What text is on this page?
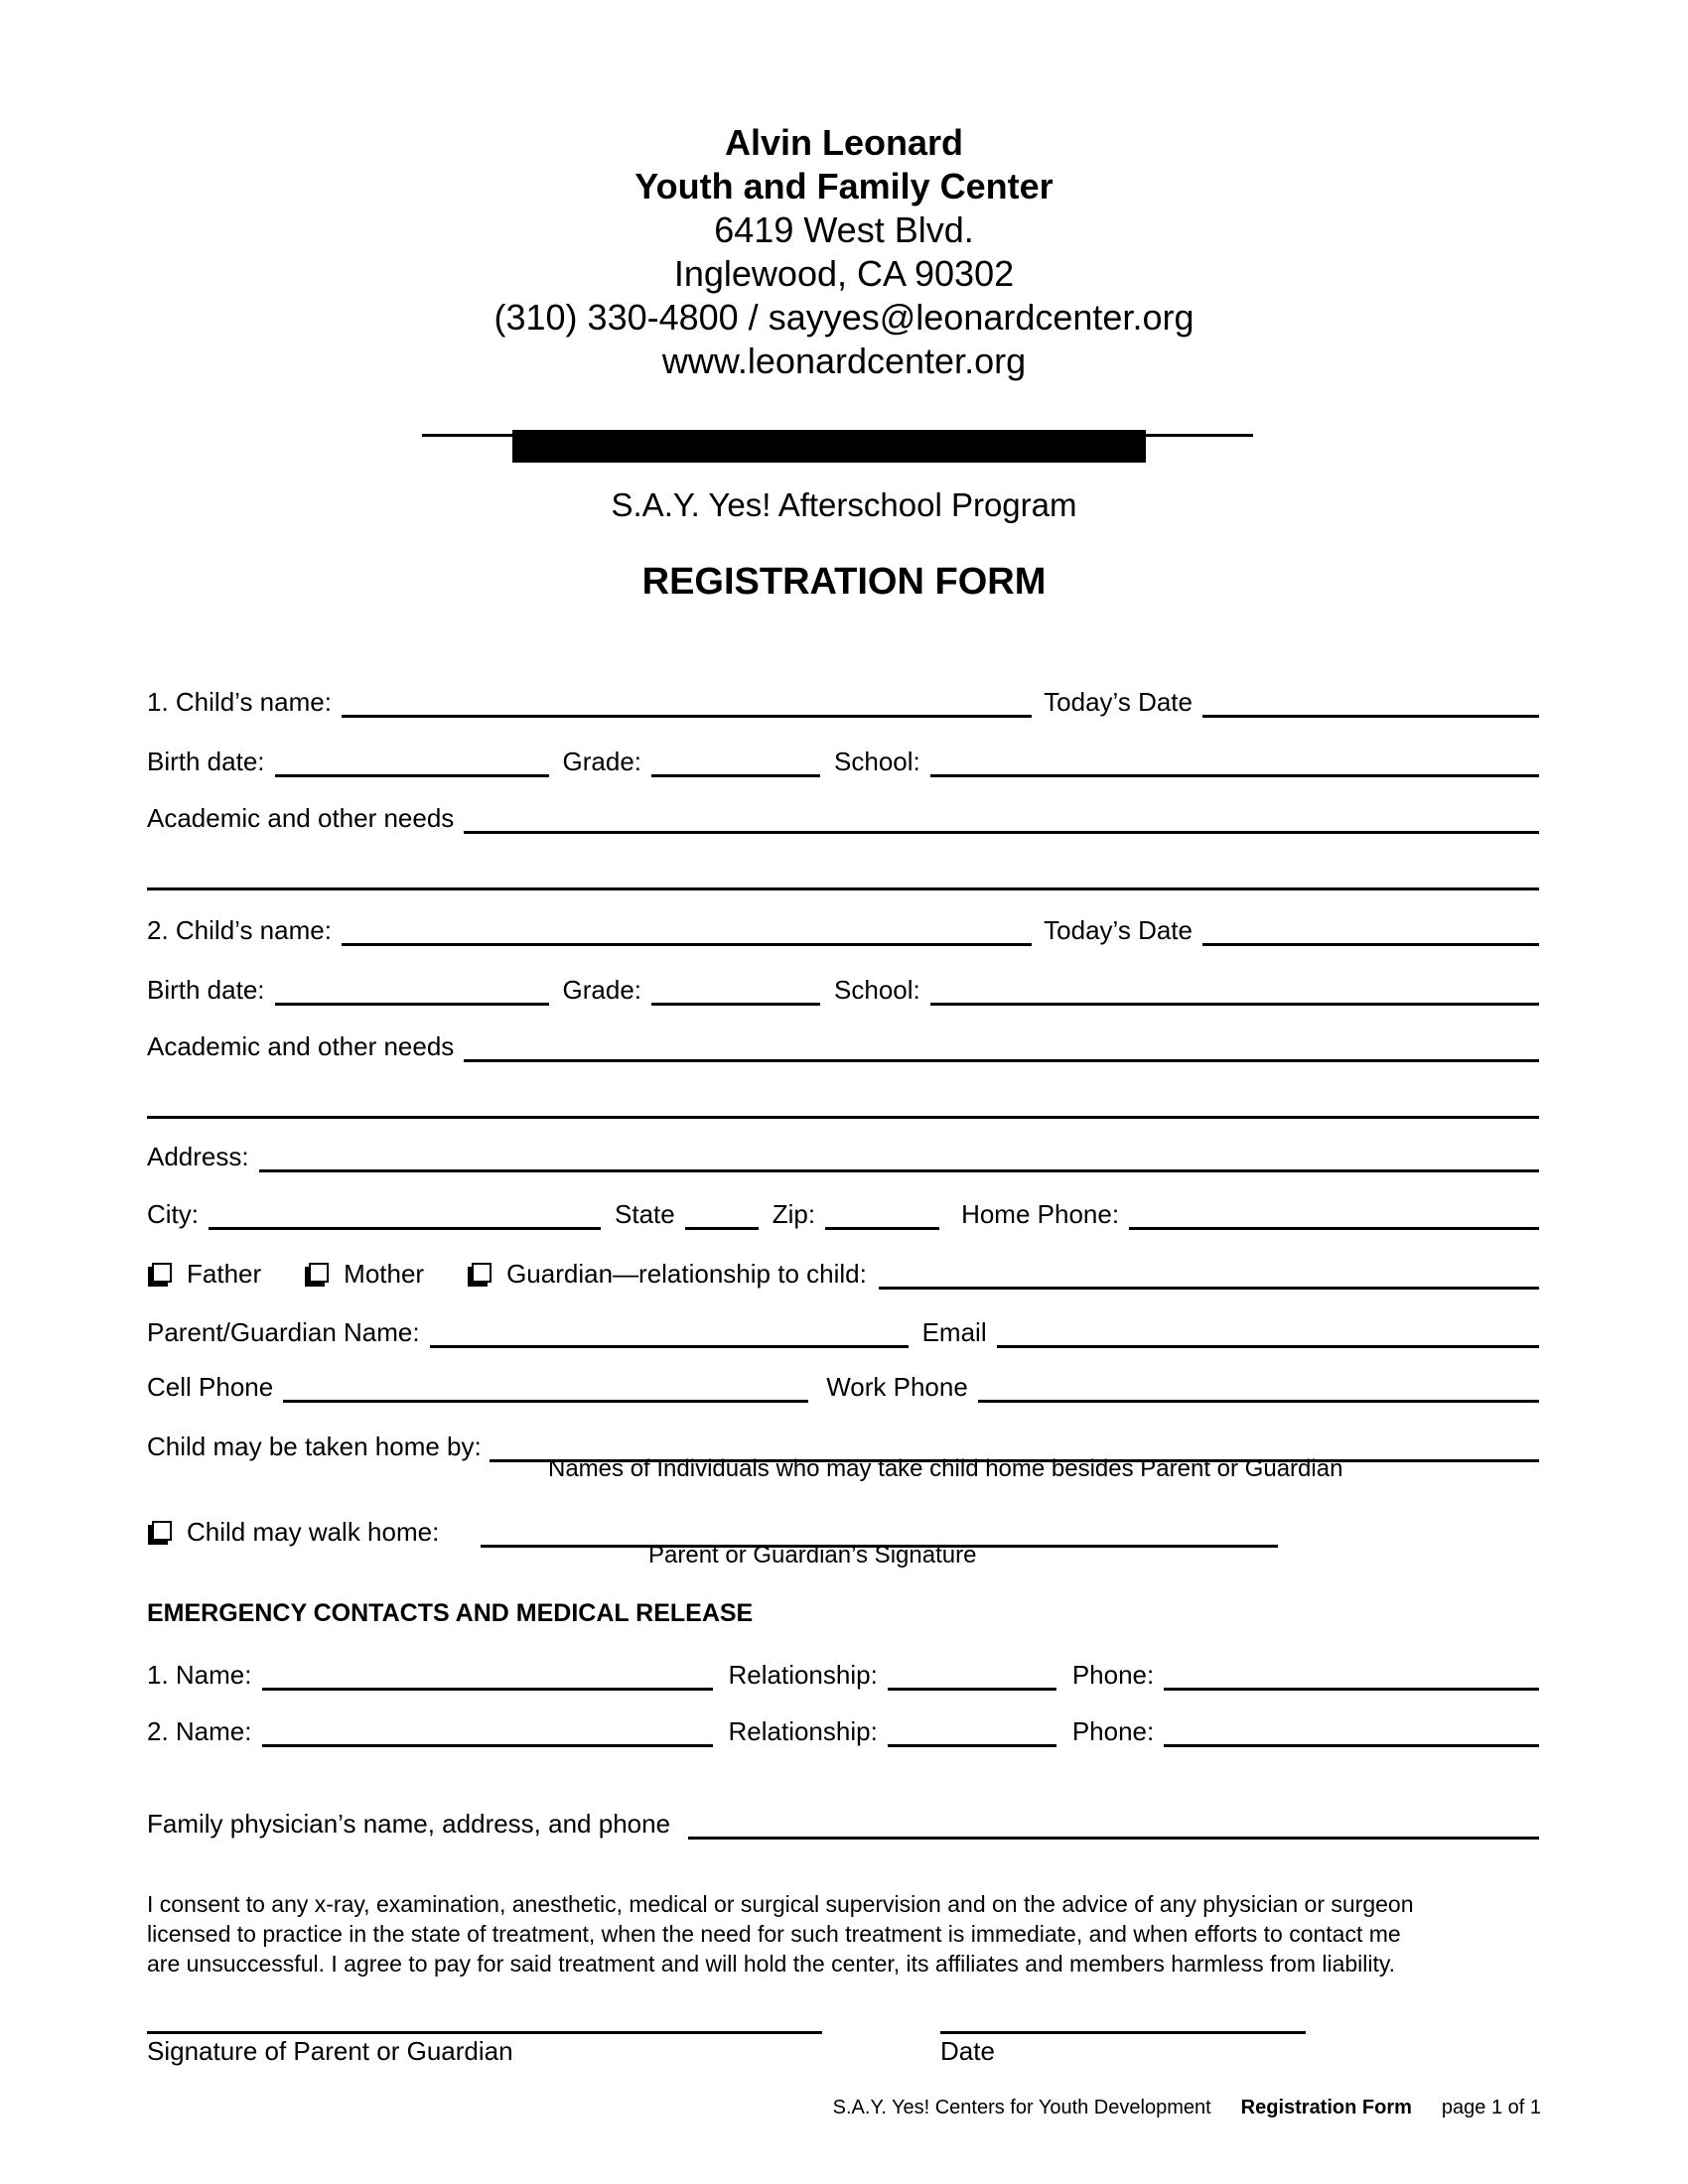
Alvin Leonard
Youth and Family Center
6419 West Blvd.
Inglewood, CA 90302
(310) 330-4800 / sayyes@leonardcenter.org
www.leonardcenter.org
S.A.Y. Yes! Afterschool Program
REGISTRATION FORM
1. Child’s name:	Today’s Date
Birth date:	Grade:	School:
Academic and other needs
2. Child’s name:	Today’s Date
Birth date:	Grade:	School:
Academic and other needs
Address:
City:	State	Zip:	Home Phone:
Father	Mother	Guardian—relationship to child:
Parent/Guardian Name:	Email
Cell Phone	Work Phone
Child may be taken home by:
Names of Individuals who may take child home besides Parent or Guardian
Child may walk home:
Parent or Guardian’s Signature
EMERGENCY CONTACTS AND MEDICAL RELEASE
1. Name:	Relationship:	Phone:
2. Name:	Relationship:	Phone:
Family physician’s name, address, and phone
I consent to any x-ray, examination, anesthetic, medical or surgical supervision and on the advice of any physician or surgeon
licensed to practice in the state of treatment, when the need for such treatment is immediate, and when efforts to contact me
are unsuccessful. I agree to pay for said treatment and will hold the center, its affiliates and members harmless from liability.
Signature of Parent or Guardian	Date
S.A.Y. Yes! Centers for Youth Development Registration Form page 1 of 1
